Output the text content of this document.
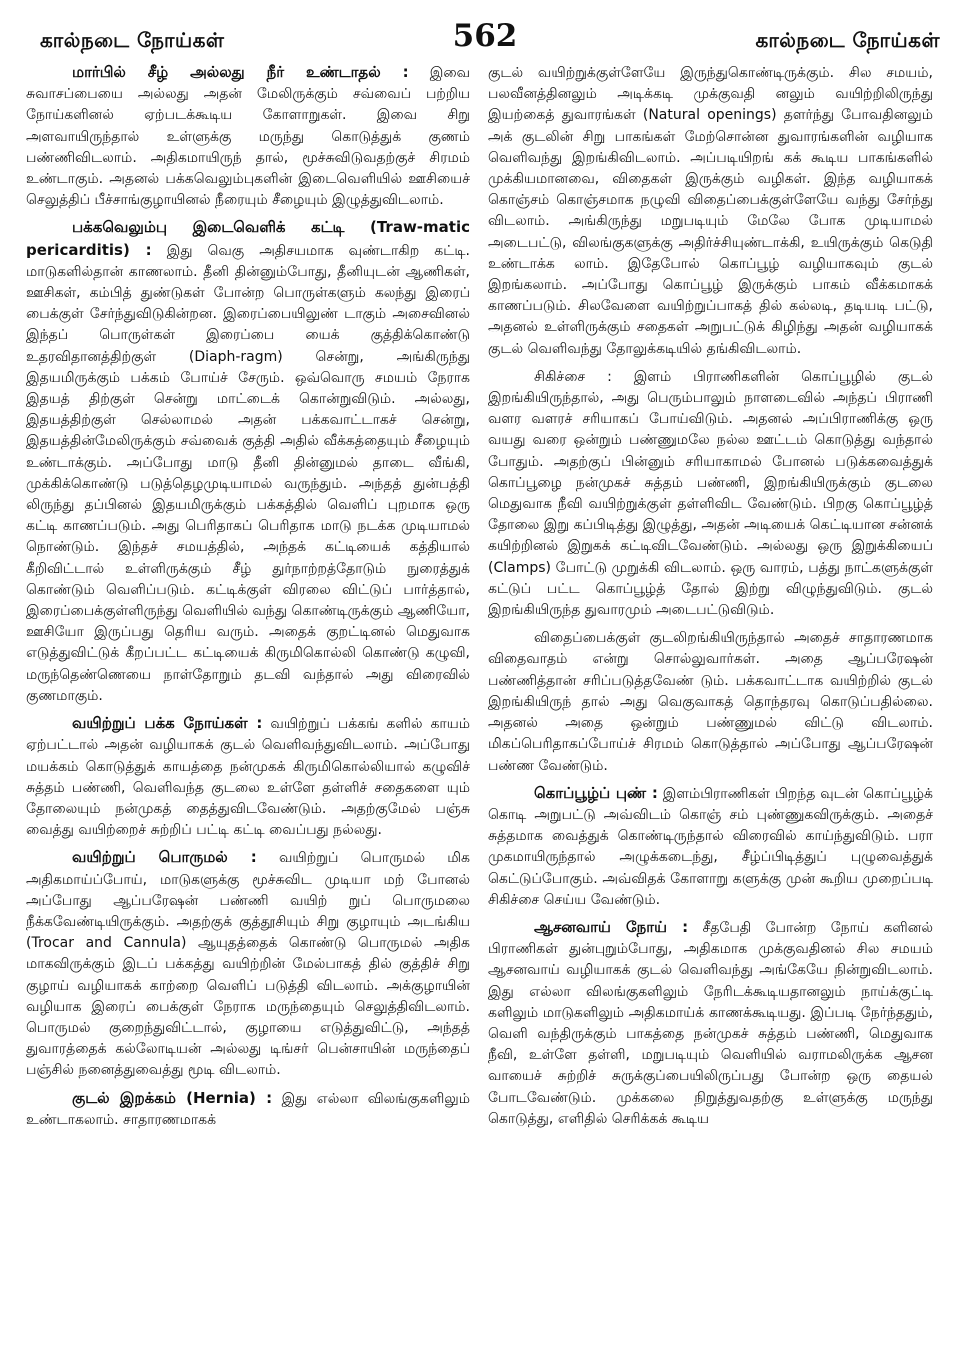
கால்நடை நோய்கள்	562	கால்நடை நோய்கள்

மார்பில் சீழ் அல்லது நீர் உண்டாதல் : இவை சுவாசப்பையை அல்லது அதன் மேலிருக்கும் சவ்வைப் பற்றிய நோய்களினல் ஏற்படக்கூடிய கோளாறுகள். இவை சிறு அளவாயிருந்தால் உள்ளுக்கு மருந்து கொடுத்துக் குணம் பண்ணிவிடலாம். அதிகமாயிருந் தால், மூச்சுவிடுவதற்குச் சிரமம் உண்டாகும். அதனல் பக்கவெலும்புகளின் இடைவெளியில் ஊசியைச் செலுத்திப் பீச்சாங்குழாயினல் நீரையும் சீழையும் இழுத்துவிடலாம்.

பக்கவெலும்பு இடைவெளிக் கட்டி (Traw-matic pericarditis) : இது வெகு அதிசயமாக வுண்டாகிற கட்டி. மாடுகளில்தான் காணலாம். தீனி தின்னும்போது, தீனியுடன் ஆணிகள், ஊசிகள், கம்பித் துண்டுகள் போன்ற பொருள்களும் கலந்து இரைப் பைக்குள் சேர்ந்துவிடுகின்றன. இரைப்பையிலுண் டாகும் அசைவினல் இந்தப் பொருள்கள் இரைப்பை யைக் குத்திக்கொண்டு உதரவிதானத்திற்குள் (Diaph-ragm) சென்று, அங்கிருந்து இதயமிருக்கும் பக்கம் போய்ச் சேரும். ஒவ்வொரு சமயம் நேராக இதயத் திற்குள் சென்று மாட்டைக் கொன்றுவிடும். அல்லது, இதயத்திற்குள் செல்லாமல் அதன் பக்கவாட்டாகச் சென்று, இதயத்தின்மேலிருக்கும் சவ்வைக் குத்தி அதில் வீக்கத்தையும் சீழையும் உண்டாக்கும். அப்போது மாடு தீனி தின்னுமல் தாடை வீங்கி, முக்கிக்கொண்டு படுத்தெழமுடியாமல் வருந்தும். அந்தத் துன்பத்தி லிருந்து தப்பினல் இதயமிருக்கும் பக்கத்தில் வெளிப் புறமாக ஒரு கட்டி காணப்படும். அது பெரிதாகப் பெரிதாக மாடு நடக்க முடியாமல் நொண்டும். இந்தச் சமயத்தில், அந்தக் கட்டியைக் கத்தியால் கீறிவிட்டால் உள்ளிருக்கும் சீழ் துர்நாற்றத்தோடும் நுரைத்துக் கொண்டும் வெளிப்படும். கட்டிக்குள் விரலை விட்டுப் பார்த்தால், இரைப்பைக்குள்ளிருந்து வெளியில் வந்து கொண்டிருக்கும் ஆணியோ, ஊசியோ இருப்பது தெரிய வரும். அதைக் குறட்டினல் மெதுவாக எடுத்துவிட்டுக் கீறப்பட்ட கட்டியைக் கிருமிகொல்லி கொண்டு கழுவி, மருந்தெண்ணெயை நாள்தோறும் தடவி வந்தால் அது விரைவில் குணமாகும்.

வயிற்றுப் பக்க நோய்கள் : வயிற்றுப் பக்கங் களில் காயம் ஏற்பட்டால் அதன் வழியாகக் குடல் வெளிவந்துவிடலாம். அப்போது மயக்கம் கொடுத்துக் காயத்தை நன்முகக் கிருமிகொல்லியால் கழுவிச் சுத்தம் பண்ணி, வெளிவந்த குடலை உள்ளே தள்ளிச் சதைகளை யும் தோலையும் நன்முகத் தைத்துவிடவேண்டும். அதற்குமேல் பஞ்சு வைத்து வயிற்றைச் சுற்றிப் பட்டி கட்டி வைப்பது நல்லது.

வயிற்றுப் பொருமல் : வயிற்றுப் பொருமல் மிக அதிகமாய்ப்போய், மாடுகளுக்கு மூச்சுவிட முடியா மற் போனல் அப்போது ஆப்பரேஷன் பண்ணி வயிற் றுப் பொருமலை நீக்கவேண்டியிருக்கும். அதற்குக் குத்தூசியும் சிறு குழாயும் அடங்கிய (Trocar and Cannula) ஆயுதத்தைக் கொண்டு பொருமல் அதிக மாகவிருக்கும் இடப் பக்கத்து வயிற்றின் மேல்பாகத் தில் குத்திச் சிறு குழாய் வழியாகக் காற்றை வெளிப் படுத்தி விடலாம். அக்குழாயின் வழியாக இரைப் பைக்குள் நேராக மருந்தையும் செலுத்திவிடலாம். பொருமல் குறைந்துவிட்டால், குழாயை எடுத்துவிட்டு, அந்தத் துவாரத்தைக் கல்லோடியன் அல்லது டிங்சர் பென்சாயின் மருந்தைப் பஞ்சில் நனைத்துவைத்து மூடி விடலாம்.

குடல் இறக்கம் (Hernia) : இது எல்லா விலங்குகளிலும் உண்டாகலாம். சாதாரணமாகக்

குடல் வயிற்றுக்குள்ளேயே இருந்துகொண்டிருக்கும். சில சமயம், பலவீனத்தினலும் அடிக்கடி முக்குவதி னலும் வயிற்றிலிருந்து இயற்கைத் துவாரங்கள் (Natural openings) தளர்ந்து போவதினலும் அக் குடலின் சிறு பாகங்கள் மேற்சொன்ன துவாரங்களின் வழியாக வெளிவந்து இறங்கிவிடலாம். அப்படியிறங் கக் கூடிய பாகங்களில் முக்கியமானவை, விதைகள் இருக்கும் வழிகள். இந்த வழியாகக் கொஞ்சம் கொஞ்சமாக நழுவி விதைப்பைக்குள்ளேயே வந்து சேர்ந்து விடலாம். அங்கிருந்து மறுபடியும் மேலே போக முடியாமல் அடைபட்டு, விலங்குகளுக்கு அதிர்ச்சியுண்டாக்கி, உயிருக்கும் கெடுதி உண்டாக்க லாம். இதேபோல் கொப்பூழ் வழியாகவும் குடல் இறங்கலாம். அப்போது கொப்பூழ் இருக்கும் பாகம் வீக்கமாகக் காணப்படும். சிலவேளை வயிற்றுப்பாகத் தில் கல்லடி, தடியடி பட்டு, அதனல் உள்ளிருக்கும் சதைகள் அறுபட்டுக் கிழிந்து அதன் வழியாகக் குடல் வெளிவந்து தோலுக்கடியில் தங்கிவிடலாம்.

சிகிச்சை : இளம் பிராணிகளின் கொப்பூழில் குடல் இறங்கியிருந்தால், அது பெரும்பாலும் நாளடைவில் அந்தப் பிராணி வளர வளரச் சரியாகப் போய்விடும். அதனல் அப்பிராணிக்கு ஒரு வயது வரை ஒன்றும் பண்ணுமலே நல்ல ஊட்டம் கொடுத்து வந்தால் போதும். அதற்குப் பின்னும் சரியாகாமல் போனல் படுக்கவைத்துக் கொப்பூழை நன்முகச் சுத்தம் பண்ணி, இறங்கியிருக்கும் குடலை மெதுவாக நீவி வயிற்றுக்குள் தள்ளிவிட வேண்டும். பிறகு கொப்பூழ்த் தோலை இறு கப்பிடித்து இழுத்து, அதன் அடியைக் கெட்டியான சன்னக் கயிற்றினல் இறுகக் கட்டிவிடவேண்டும். அல்லது ஒரு இறுக்கியைப் (Clamps) போட்டு முறுக்கி விடலாம். ஒரு வாரம், பத்து நாட்களுக்குள் கட்டுப் பட்ட கொப்பூழ்த் தோல் இற்று விழுந்துவிடும். குடல் இறங்கியிருந்த துவாரமும் அடைபட்டுவிடும்.

விதைப்பைக்குள் குடலிறங்கியிருந்தால் அதைச் சாதாரணமாக விதைவாதம் என்று சொல்லுவார்கள். அதை ஆப்பரேஷன் பண்ணித்தான் சரிப்படுத்தவேண் டும். பக்கவாட்டாக வயிற்றில் குடல் இறங்கியிருந் தால் அது வெகுவாகத் தொந்தரவு கொடுப்பதில்லை. அதனல் அதை ஒன்றும் பண்ணுமல் விட்டு விடலாம். மிகப்பெரிதாகப்போய்ச் சிரமம் கொடுத்தால் அப்போது ஆப்பரேஷன் பண்ண வேண்டும்.

கொப்பூழ்ப் புண் : இளம்பிராணிகள் பிறந்த வுடன் கொப்பூழ்க் கொடி அறுபட்டு அவ்விடம் கொஞ் சம் புண்ணுகவிருக்கும். அதைச் சுத்தமாக வைத்துக் கொண்டிருந்தால் விரைவில் காய்ந்துவிடும். பரா முகமாயிருந்தால் அழுக்கடைந்து, சீழ்ப்பிடித்துப் புழுவைத்துக் கெட்டுப்போகும். அவ்விதக் கோளாறு களுக்கு முன் கூறிய முறைப்படி சிகிச்சை செய்ய வேண்டும்.

ஆசனவாய் நோய் : சீதபேதி போன்ற நோய் களினல் பிராணிகள் துன்புறும்போது, அதிகமாக முக்குவதினல் சில சமயம் ஆசனவாய் வழியாகக் குடல் வெளிவந்து அங்கேயே நின்றுவிடலாம். இது எல்லா விலங்குகளிலும் நேரிடக்கூடியதானலும் நாய்க்குட்டி களிலும் மாடுகளிலும் அதிகமாய்க் காணக்கூடியது. இப்படி நேர்ந்ததும், வெளி வந்திருக்கும் பாகத்தை நன்முகச் சுத்தம் பண்ணி, மெதுவாக நீவி, உள்ளே தள்ளி, மறுபடியும் வெளியில் வராமலிருக்க ஆசன வாயைச் சுற்றிச் சுருக்குப்பையிலிருப்பது போன்ற ஒரு தையல் போடவேண்டும். முக்கலை நிறுத்துவதற்கு உள்ளுக்கு மருந்து கொடுத்து, எளிதில் செரிக்கக் கூடிய
